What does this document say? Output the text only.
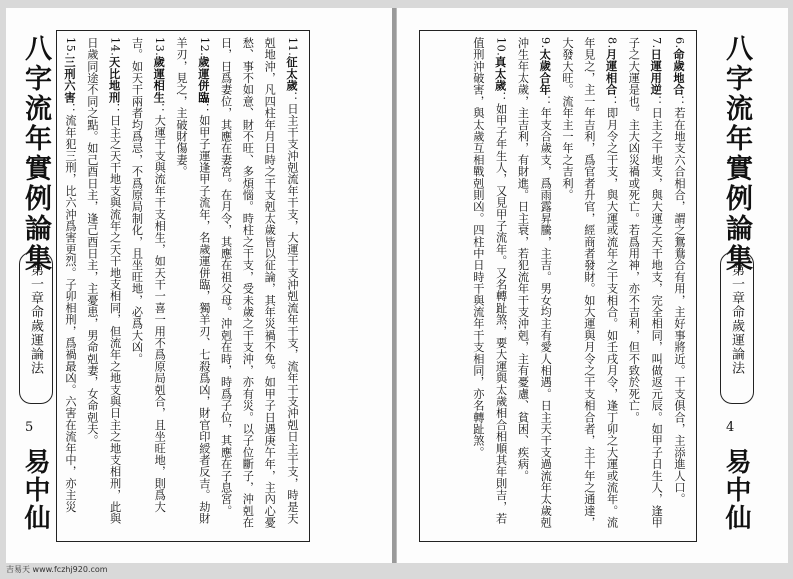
八字流年實例論集
第一章命歲運論法
5
易中仙

11.征太歲：日主干支沖剋流年干支，大運干支沖剋流年干支，流年干支沖剋日主干支，時是天剋地沖，凡四柱年月日時之干支剋太歲皆以征論，其年災禍不免。如甲子日遇庚午年，主內心憂愁、事不如意、財不旺、多煩惱。時柱之干支，受未歲之干支沖，亦有災。以子位斷子，沖剋在日，日爲妻位，其應在妻宮。在月令，其應在祖父母。沖剋在時，時爲子位，其應在子息宮。

12.歲運併臨：如甲子運逢甲子流年，名歲運併臨，獨羊刃、七殺爲凶，財官印綬者反吉。劫財羊刃，見之，主破財傷妻。

13.歲運相生：大運干支與流年干支相生，如天干一喜一用不爲原局剋合，且坐旺地，則爲大吉。如天干兩者均爲忌，不爲原局制化，且坐旺地，必爲大凶。

14.天比地刑：日主之天干地支與流年之天干地支相同，但流年之地支與日主之地支相刑，此與日歲同途不同之點。如己酉日主，逢己酉日主，主憂患，男命剋妻，女命剋夫。

15.三刑六害：流年犯三刑，比六沖爲害更烈。子卯相刑，爲禍最凶。六害在流年中，亦主災

6.命歲地合：若在地支六合相合，謂之鴛鴦合有用，主好事將近。干支俱合，主添進人口。

7.日運用逆：日主之干地支，與大運之天干地支，完全相同，叫做返元辰。如甲子日生人，逢甲子之大運是也。主大凶災禍或死亡。若爲用神，亦不吉利，但不致於死亡。

8.月運相合：即月令之干支，與大運或流年之干支相合。如壬戌月令，逢丁卯之大運或流年。流年見之，主一年吉利，爲官者升官，經商者發財。如大運與月令之干支相合者，主十年之通達，大發大旺。流年主一年之吉利。

9.太歲合年：年支合歲支，爲雨露昇騰，主吉。男女均主有愛人相遇。日主天干支過流年太歲剋沖生年太歲，主吉利，有財進。日主衰，若犯流年干支沖剋，主有憂慮、貧困、疾病。

10.真太歲：如甲子年生人，又見甲子流年。又名轉趾煞，要大運與太歲相合相順其年則吉，若值刑沖破害，與太歲互相戰剋則凶。四柱中日時干與流年干支相同，亦名轉趾煞。	八字流年實例論集
第一章命歲運論法
4
易中仙
吉易天 www.fczhj920.com
